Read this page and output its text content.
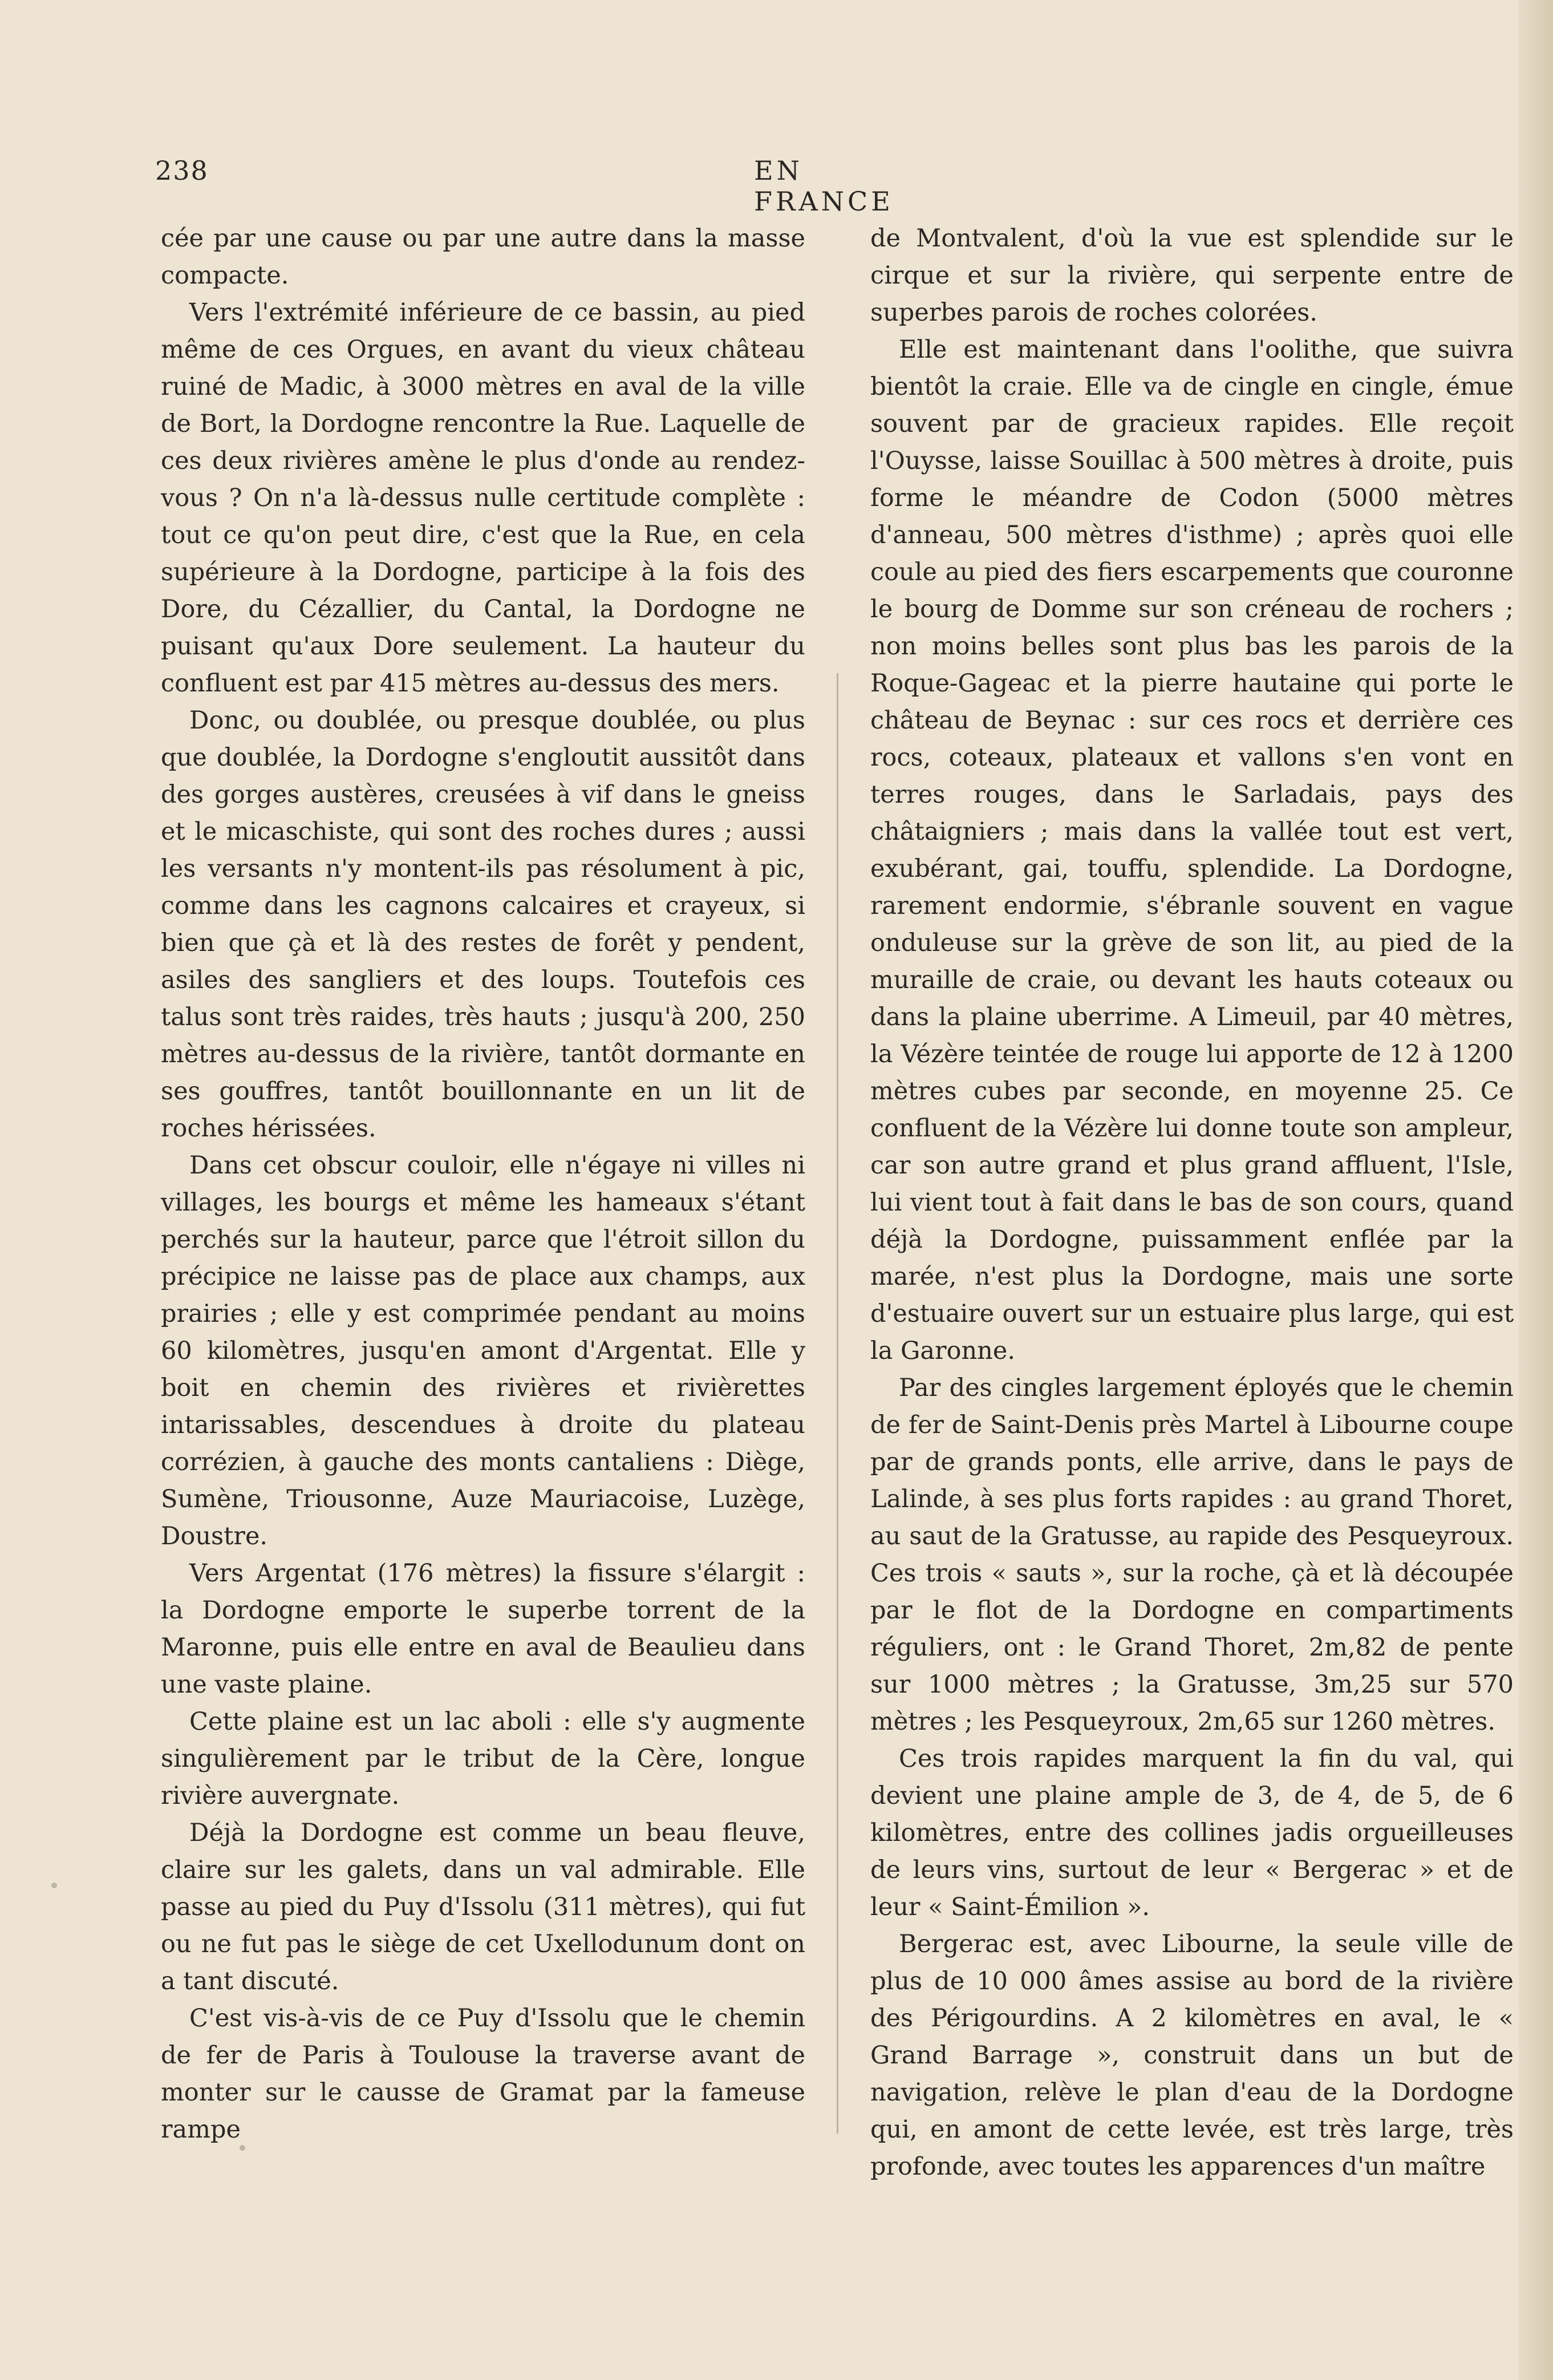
238	EN FRANCE

cée par une cause ou par une autre dans la masse compacte.

Vers l'extrémité inférieure de ce bassin, au pied même de ces Orgues, en avant du vieux château ruiné de Madic, à 3000 mètres en aval de la ville de Bort, la Dordogne rencontre la Rue. Laquelle de ces deux rivières amène le plus d'onde au rendez-vous ? On n'a là-dessus nulle certitude complète : tout ce qu'on peut dire, c'est que la Rue, en cela supérieure à la Dordogne, participe à la fois des Dore, du Cézallier, du Cantal, la Dordogne ne puisant qu'aux Dore seulement. La hauteur du confluent est par 415 mètres au-dessus des mers.

Donc, ou doublée, ou presque doublée, ou plus que doublée, la Dordogne s'engloutit aussitôt dans des gorges austères, creusées à vif dans le gneiss et le micaschiste, qui sont des roches dures ; aussi les versants n'y montent-ils pas résolument à pic, comme dans les cagnons calcaires et crayeux, si bien que çà et là des restes de forêt y pendent, asiles des sangliers et des loups. Toutefois ces talus sont très raides, très hauts ; jusqu'à 200, 250 mètres au-dessus de la rivière, tantôt dormante en ses gouffres, tantôt bouillonnante en un lit de roches hérissées.

Dans cet obscur couloir, elle n'égaye ni villes ni villages, les bourgs et même les hameaux s'étant perchés sur la hauteur, parce que l'étroit sillon du précipice ne laisse pas de place aux champs, aux prairies ; elle y est comprimée pendant au moins 60 kilomètres, jusqu'en amont d'Argentat. Elle y boit en chemin des rivières et rivièrettes intarissables, descendues à droite du plateau corrézien, à gauche des monts cantaliens : Diège, Sumène, Triousonne, Auze Mauriacoise, Luzège, Doustre.

Vers Argentat (176 mètres) la fissure s'élargit : la Dordogne emporte le superbe torrent de la Maronne, puis elle entre en aval de Beaulieu dans une vaste plaine.

Cette plaine est un lac aboli : elle s'y augmente singulièrement par le tribut de la Cère, longue rivière auvergnate.

Déjà la Dordogne est comme un beau fleuve, claire sur les galets, dans un val admirable. Elle passe au pied du Puy d'Issolu (311 mètres), qui fut ou ne fut pas le siège de cet Uxellodunum dont on a tant discuté.

C'est vis-à-vis de ce Puy d'Issolu que le chemin de fer de Paris à Toulouse la traverse avant de monter sur le causse de Gramat par la fameuse rampe

de Montvalent, d'où la vue est splendide sur le cirque et sur la rivière, qui serpente entre de superbes parois de roches colorées.

Elle est maintenant dans l'oolithe, que suivra bientôt la craie. Elle va de cingle en cingle, émue souvent par de gracieux rapides. Elle reçoit l'Ouysse, laisse Souillac à 500 mètres à droite, puis forme le méandre de Codon (5000 mètres d'anneau, 500 mètres d'isthme) ; après quoi elle coule au pied des fiers escarpements que couronne le bourg de Domme sur son créneau de rochers ; non moins belles sont plus bas les parois de la Roque-Gageac et la pierre hautaine qui porte le château de Beynac : sur ces rocs et derrière ces rocs, coteaux, plateaux et vallons s'en vont en terres rouges, dans le Sarladais, pays des châtaigniers ; mais dans la vallée tout est vert, exubérant, gai, touffu, splendide. La Dordogne, rarement endormie, s'ébranle souvent en vague onduleuse sur la grève de son lit, au pied de la muraille de craie, ou devant les hauts coteaux ou dans la plaine uberrime. A Limeuil, par 40 mètres, la Vézère teintée de rouge lui apporte de 12 à 1200 mètres cubes par seconde, en moyenne 25. Ce confluent de la Vézère lui donne toute son ampleur, car son autre grand et plus grand affluent, l'Isle, lui vient tout à fait dans le bas de son cours, quand déjà la Dordogne, puissamment enflée par la marée, n'est plus la Dordogne, mais une sorte d'estuaire ouvert sur un estuaire plus large, qui est la Garonne.

Par des cingles largement éployés que le chemin de fer de Saint-Denis près Martel à Libourne coupe par de grands ponts, elle arrive, dans le pays de Lalinde, à ses plus forts rapides : au grand Thoret, au saut de la Gratusse, au rapide des Pesqueyroux. Ces trois « sauts », sur la roche, çà et là découpée par le flot de la Dordogne en compartiments réguliers, ont : le Grand Thoret, 2m,82 de pente sur 1000 mètres ; la Gratusse, 3m,25 sur 570 mètres ; les Pesqueyroux, 2m,65 sur 1260 mètres.

Ces trois rapides marquent la fin du val, qui devient une plaine ample de 3, de 4, de 5, de 6 kilomètres, entre des collines jadis orgueilleuses de leurs vins, surtout de leur « Bergerac » et de leur « Saint-Émilion ».

Bergerac est, avec Libourne, la seule ville de plus de 10 000 âmes assise au bord de la rivière des Périgourdins. A 2 kilomètres en aval, le « Grand Barrage », construit dans un but de navigation, relève le plan d'eau de la Dordogne qui, en amont de cette levée, est très large, très profonde, avec toutes les apparences d'un maître
